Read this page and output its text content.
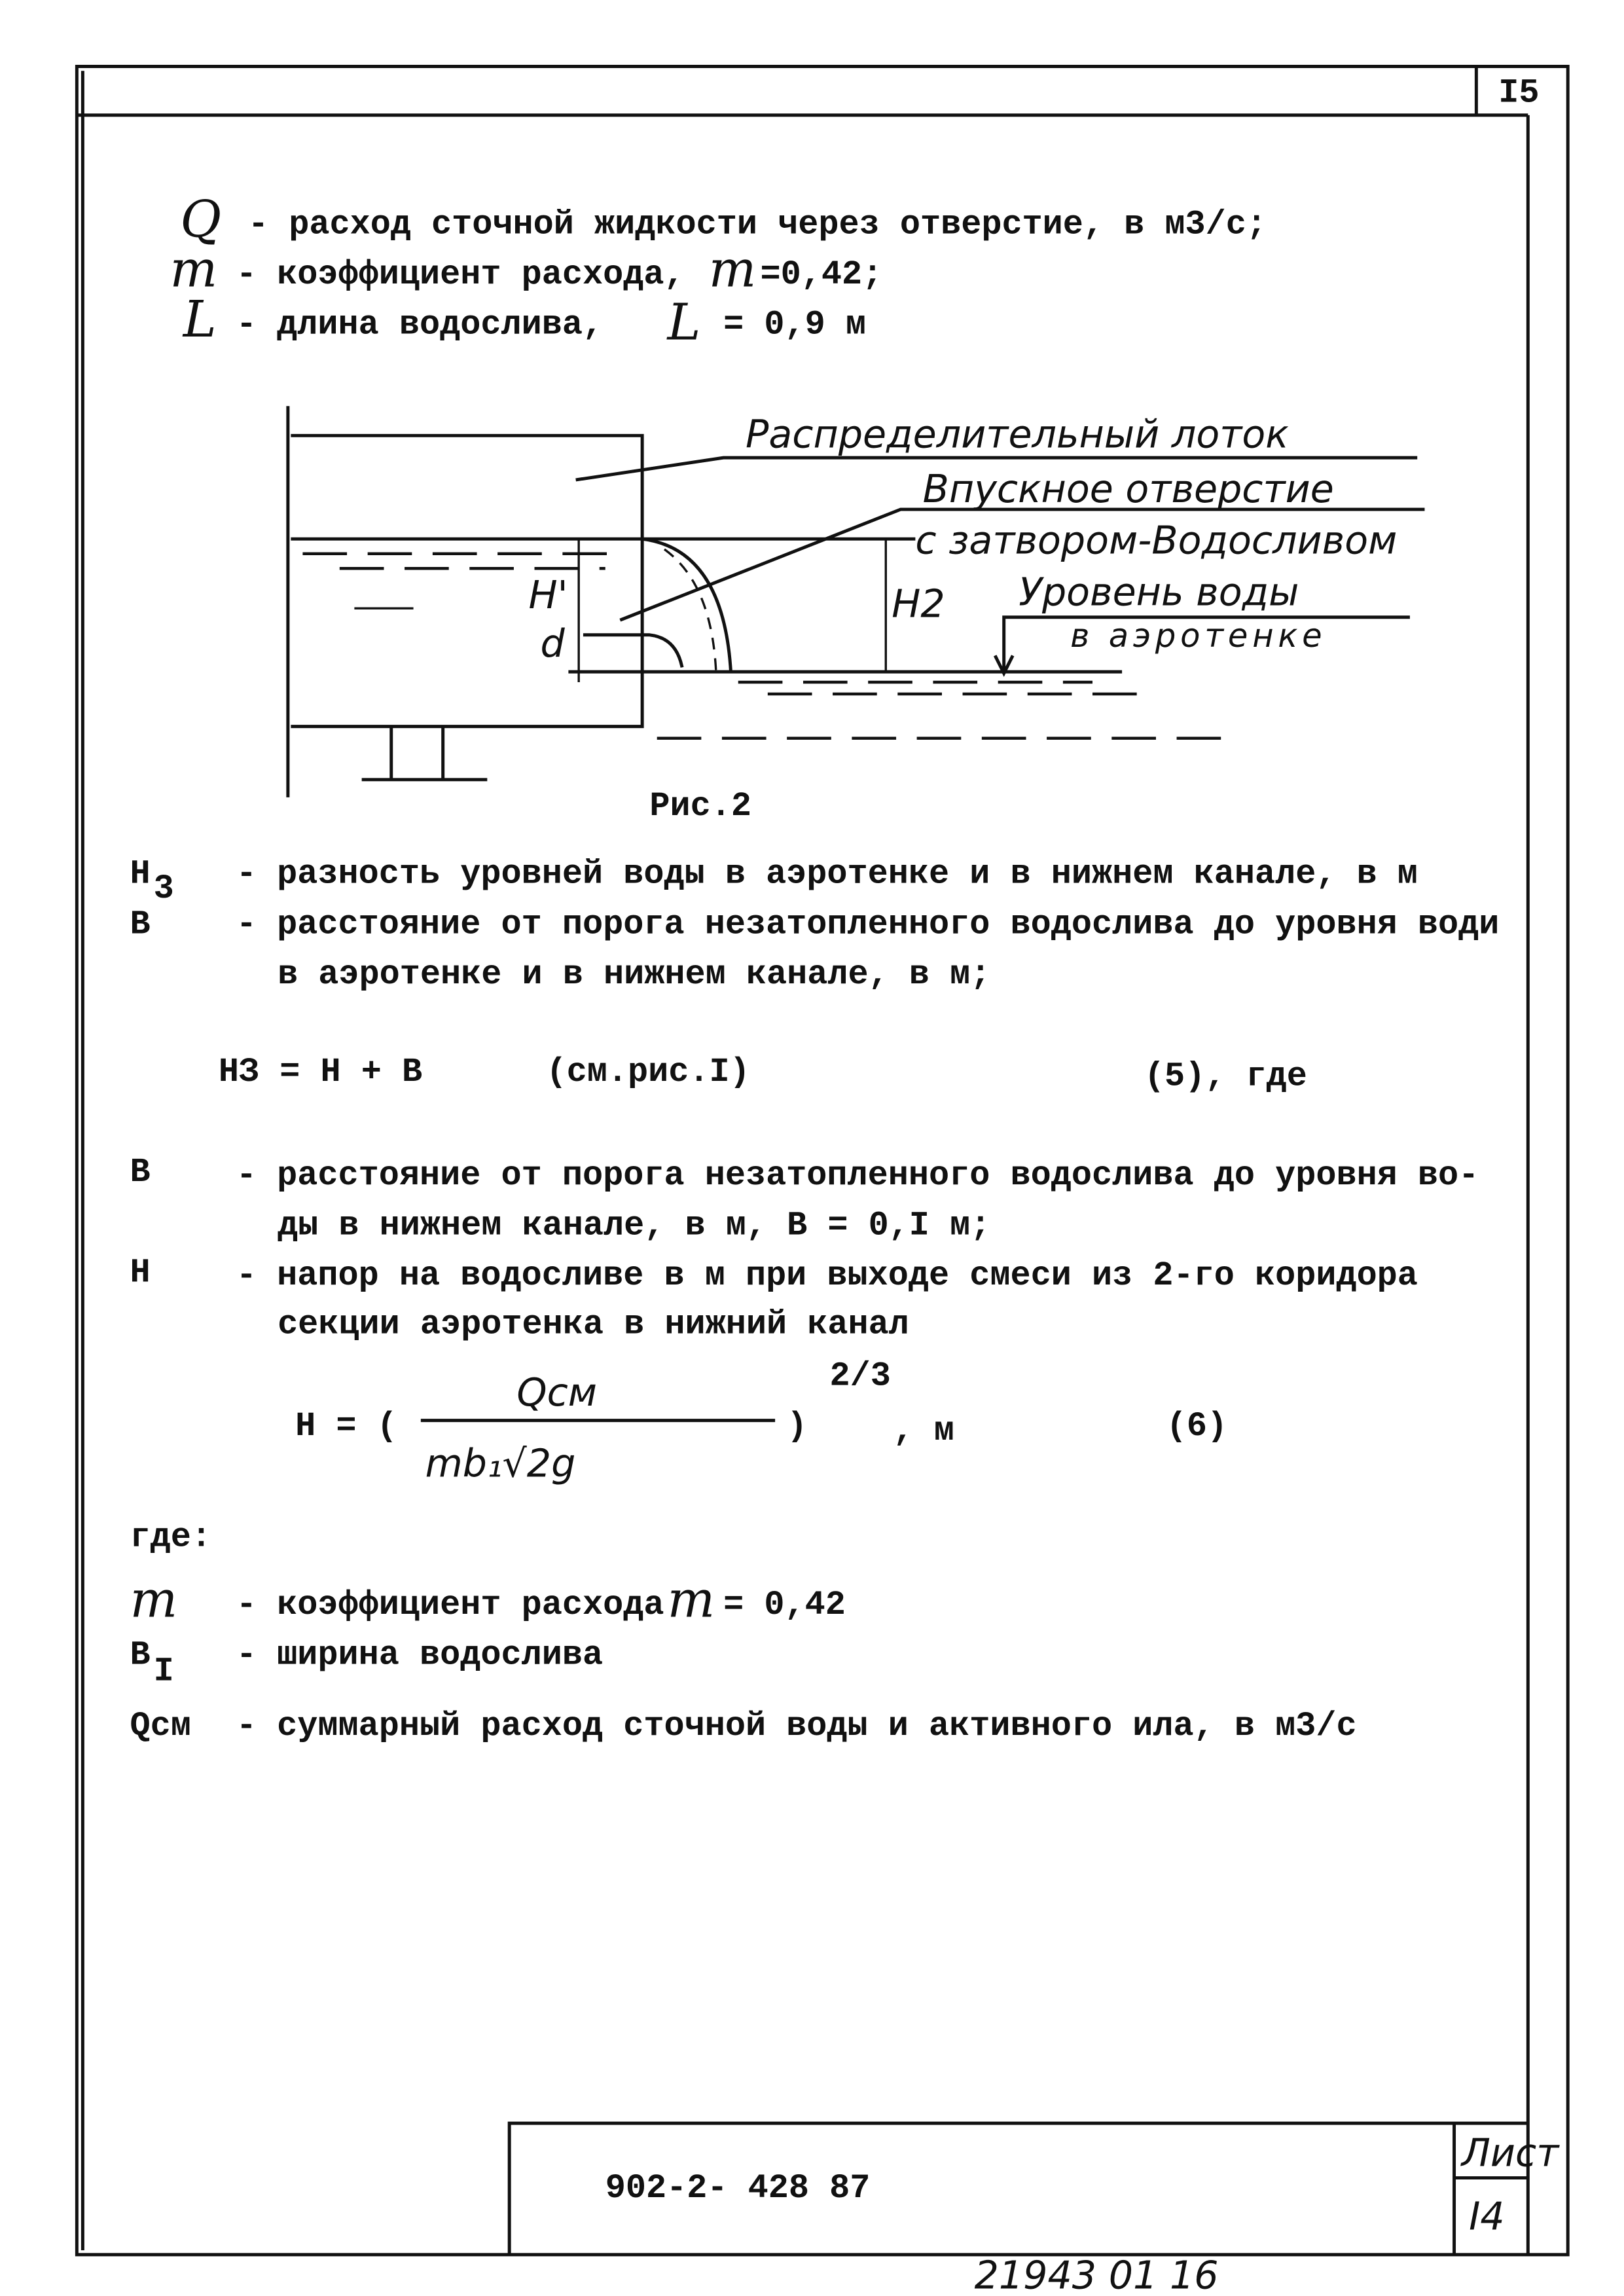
I5
Q - расход сточной жидкости через отверстие, в м3/с;
m - коэффициент расхода, m =0,42;
L - длина водослива,	L = 0,9 м
Распределительный лоток
Впускное отверстие
с затвором-Водосливом
Уровень воды
в аэротенке
H'
d
H2
Рис.2
H 3	- разность уровней воды в аэротенке и в нижнем канале, в м
B	- расстояние от порога незатопленного водослива до уровня води
в аэротенке и в нижнем канале, в м;
НЗ = Н + В	(см.рис.I)	(5), где
В	- расстояние от порога незатопленного водослива до уровня во-
ды в нижнем канале, в м, В = 0,I м;
Н	- напор на водосливе в м при выходе смеси из 2-го коридора
секции аэротенка в нижний канал
Н = (
Qсм
mb₁√2g
)
2/3
, м	(6)
где:
m	- коэффициент расхода m = 0,42
В I	- ширина водослива
Qсм	- суммарный расход сточной воды и активного ила, в м3/с
902-2- 428 87
Лист
I4
21943 01 16
